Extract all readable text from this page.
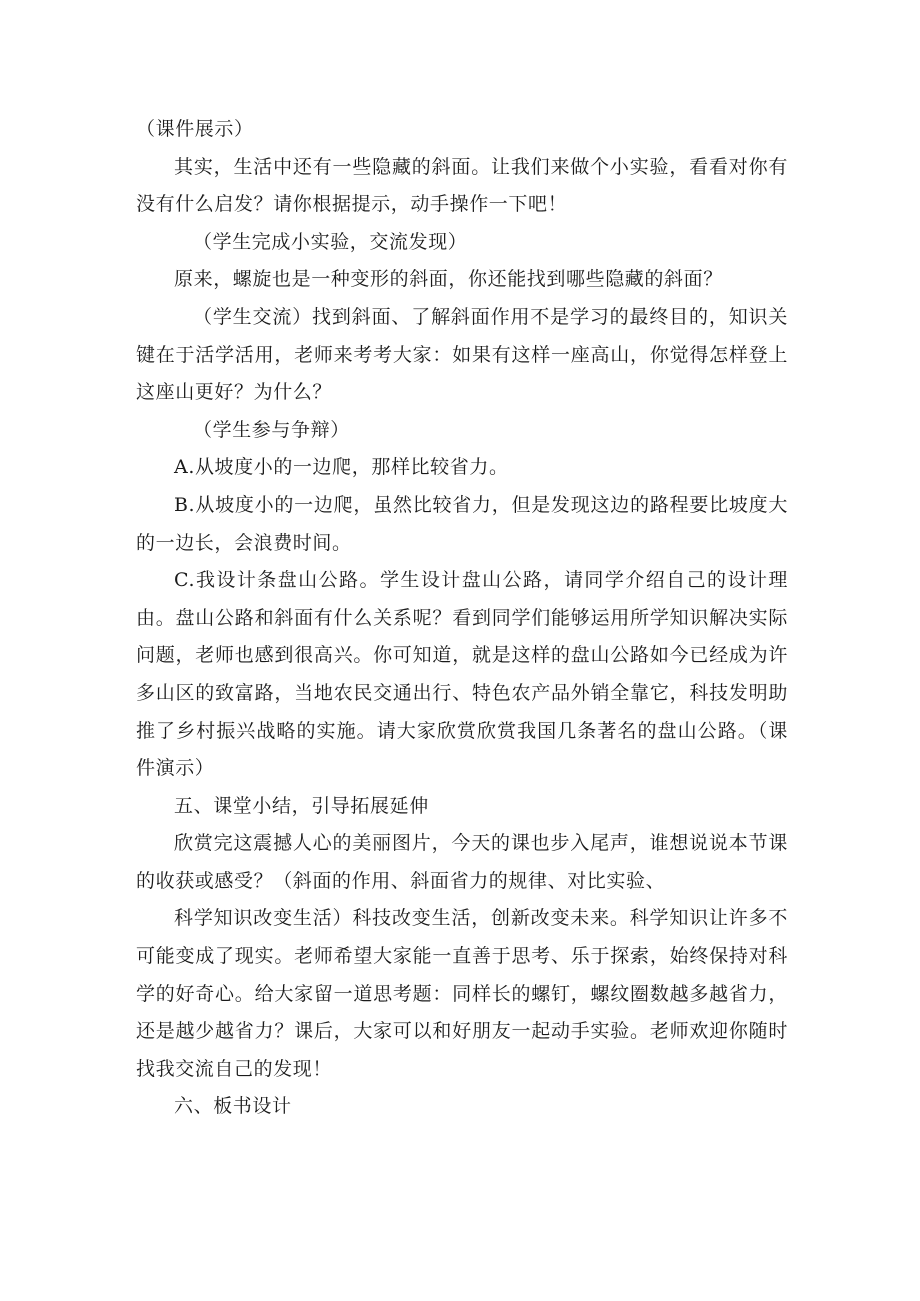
（课件展示）

其实，生活中还有一些隐藏的斜面。让我们来做个小实验，看看对你有没有什么启发？请你根据提示，动手操作一下吧！

（学生完成小实验，交流发现）

原来，螺旋也是一种变形的斜面，你还能找到哪些隐藏的斜面？

（学生交流）找到斜面、了解斜面作用不是学习的最终目的，知识关键在于活学活用，老师来考考大家：如果有这样一座高山，你觉得怎样登上这座山更好？为什么？

（学生参与争辩）

A.从坡度小的一边爬，那样比较省力。

B.从坡度小的一边爬，虽然比较省力，但是发现这边的路程要比坡度大的一边长，会浪费时间。

C.我设计条盘山公路。学生设计盘山公路，请同学介绍自己的设计理由。盘山公路和斜面有什么关系呢？看到同学们能够运用所学知识解决实际问题，老师也感到很高兴。你可知道，就是这样的盘山公路如今已经成为许多山区的致富路，当地农民交通出行、特色农产品外销全靠它，科技发明助推了乡村振兴战略的实施。请大家欣赏欣赏我国几条著名的盘山公路。（课件演示）

五、课堂小结，引导拓展延伸

欣赏完这震撼人心的美丽图片，今天的课也步入尾声，谁想说说本节课的收获或感受？（斜面的作用、斜面省力的规律、对比实验、

科学知识改变生活）科技改变生活，创新改变未来。科学知识让许多不可能变成了现实。老师希望大家能一直善于思考、乐于探索，始终保持对科学的好奇心。给大家留一道思考题：同样长的螺钉，螺纹圈数越多越省力，还是越少越省力？课后，大家可以和好朋友一起动手实验。老师欢迎你随时找我交流自己的发现！

六、板书设计
